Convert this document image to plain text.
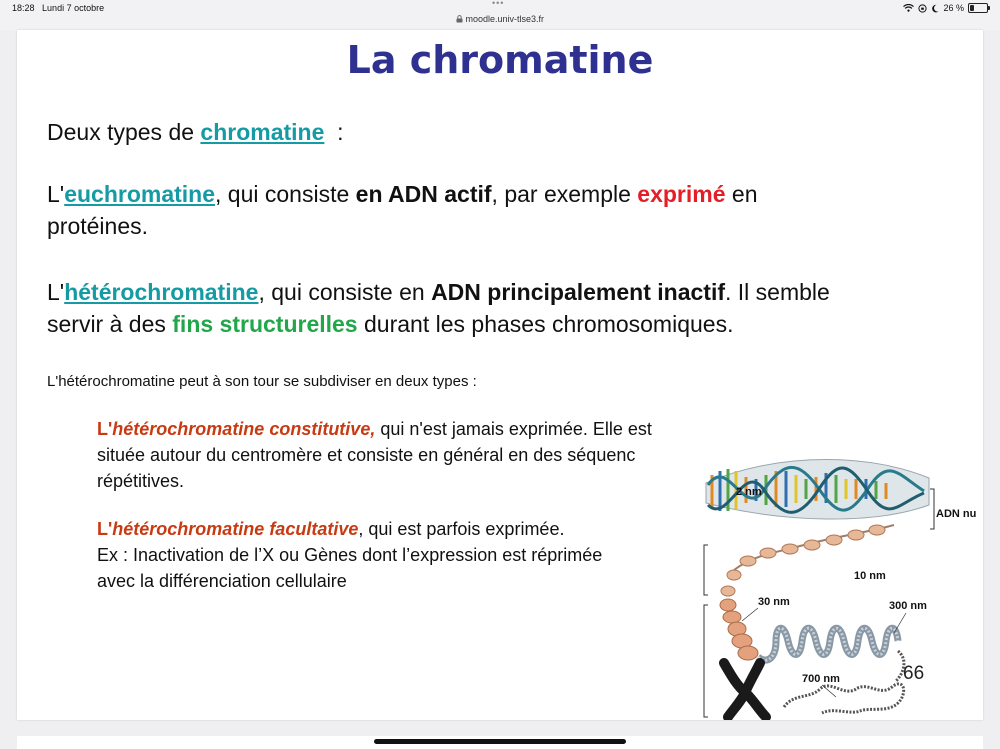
18:28 Lundi 7 octobre	•••
moodle.univ-tlse3.fr
26 %
La chromatine
Deux types de chromatine  :
L'euchromatine, qui consiste en ADN actif, par exemple exprimé en
protéines.
L'hétérochromatine, qui consiste en ADN principalement inactif. Il semble
servir à des fins structurelles durant les phases chromosomiques.
L'hétérochromatine peut à son tour se subdiviser en deux types :
L'hétérochromatine constitutive, qui n'est jamais exprimée. Elle est
située autour du centromère et consiste en général en des séquenc
répétitives.
L'hétérochromatine facultative, qui est parfois exprimée.
Ex : Inactivation de l’X ou Gènes dont l’expression est réprimée
avec la différenciation cellulaire
2 nm
ADN nu
10 nm
30 nm	300 nm
700 nm	66
